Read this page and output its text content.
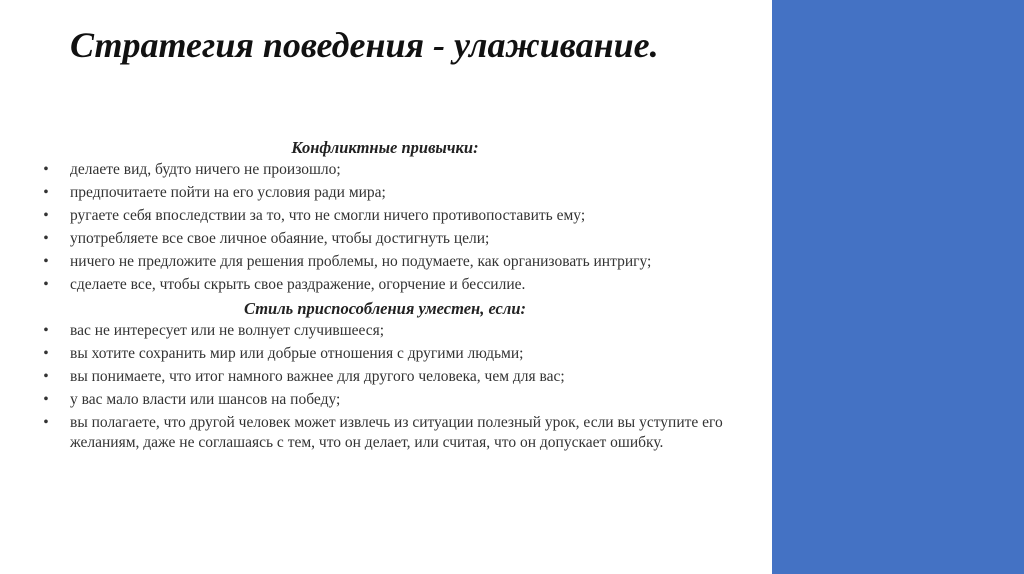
Стратегия поведения - улаживание.
Конфликтные привычки:
• делаете вид, будто ничего не произошло;
• предпочитаете пойти на его условия ради мира;
• ругаете себя впоследствии за то, что не смогли ничего противопоставить ему;
• употребляете все свое личное обаяние, чтобы достигнуть цели;
• ничего не предложите для решения проблемы, но подумаете, как организовать интригу;
• сделаете все, чтобы скрыть свое раздражение, огорчение и бессилие.
Стиль приспособления уместен, если:
• вас не интересует или не волнует случившееся;
• вы хотите сохранить мир или добрые отношения с другими людьми;
• вы понимаете, что итог намного важнее для другого человека, чем для вас;
• у вас мало власти или шансов на победу;
• вы полагаете, что другой человек может извлечь из ситуации полезный урок, если вы уступите его желаниям, даже не соглашаясь с тем, что он делает, или считая, что он допускает ошибку.
